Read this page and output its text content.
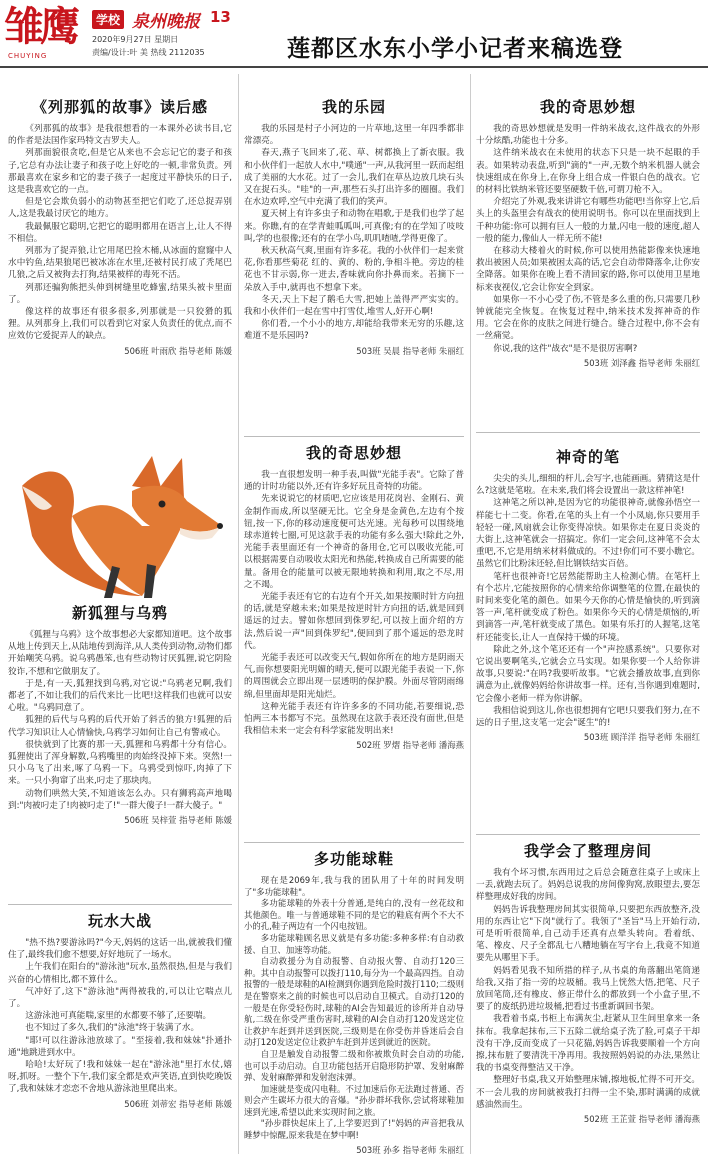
雏鹰
CHUYING
学校 泉州晚报 13
2020年9月27日 星期日
责编/设计:叶 美 热线 2112035	莲都区水东小学小记者来稿选登
《列那狐的故事》读后感

《列那狐的故事》是我很想看的一本课外必读书目,它的作者是法国作家玛特文吉罗夫人。

列那面貌很贪吃,但是它从来也不会忘记它的妻子和孩子,它总有办法让妻子和孩子吃上好吃的一顿,非常负责。列那最喜欢在家乡和它的妻子孩子一起度过平静快乐的日子,这是我喜欢它的一点。

但是它会欺负弱小的动物甚至把它们吃了,还总捉弄别人,这是我最讨厌它的地方。

我最佩服它聪明,它把它的聪明都用在语言上,让人不得不相信。

列那为了捉弄狼,让它用尾巴捡木桶,从冰面的窟窿中人水中钓鱼,结果狼尾巴被冰冻在水里,还被村民打成了秃尾巴几狼,之后又被狗去打狗,结果被样的毒死不活。

列那还骗狗熊把头伸到树缝里吃蜂蜜,结果头被卡里面了。

像这样的故事还有很多很多,列那就是一只狡猾的狐狸。从列那身上,我们可以看到它对家人负责任的优点,而不应效仿它爱捉弄人的缺点。

506班 叶雨欣 指导老师 陈媛
新狐狸与乌鸦

《狐狸与乌鸦》这个故事想必大家都知道吧。这个故事从地上传到天上,从陆地传到海洋,从人类传到动物,动物们都开始嘲笑乌鸦。说乌鸦愚笨,也有些动物讨厌狐狸,说它阴险狡诈,不想和它做朋友了。

于是,有一天,狐狸找到乌鸦,对它说:"乌鸦老兄啊,我们都老了,不如让我们的后代来比一比吧!这样我们也就可以安心啦。"乌鸦同意了。

狐狸的后代与乌鸦的后代开始了斜舌的狼方!狐狸的后代学习知识让人心情愉快,乌鸦学习如何让自己有警戒心。

很快就到了比赛的那一天,狐狸和乌鸦都十分有信心。狐狸使出了浑身解数,乌鸦嘴里的肉始终没掉下来。突然!一只小乌飞了出来,啄了乌鸦一下。乌鸦受到惊吓,肉掉了下来。一只小狗窜了出来,叼走了那块肉。

动物们哄然大笑,不知道该怎么办。只有狮鸦高声地喝到:"肉被叼走了!肉被叼走了!"一群大傻子!一群大傻子。"

506班 吴梓萱 指导老师 陈媛
玩水大战

"热不热?要游泳吗?"今天,妈妈的这话一出,就被我们懂住了,最终我们愈不想要,好好地玩了一场水。

上午我们在阳台的"游泳池"玩水,虽然很热,但是与我们兴奋的心情相比,都不算什么。

气冲好了,这下"游泳池"两得被我的,可以让它喘点儿了。

这游泳池可真能喘,家里的水都要不够了,还要喘。

也不知过了多久,我们的"泳池"终于装满了水。

"耶!可以往游泳池放球了。"至接着,我和妹妹"扑通扑通"地跳进到水中。

哈哈!太好玩了!我和妹妹一起在"游泳池"里打水仗,嬉呀,抓呀。一整个下午,我们家全都是欢声笑语,直到快吃晚饭了,我和妹妹才恋恋不舍地从游泳池里爬出来。

506班 刘蒂宏 指导老师 陈媛
我的乐园

我的乐园是村子小河边的一片草地,这里一年四季都非常漂亮。

春天,燕子飞回来了,花、草、树都换上了新衣服。我和小伙伴们一起放人水中,"噗通"一声,从我河里一跃而起组成了美丽的大水花。过了一会儿,我们在草丛边放几块石头又在捉石头。"哇"的一声,那些石头打出许多的圈圈。我们在水边欢呼,空气中充满了我们的笑声。

夏天树上有许多虫子和动物在唱歌,于是我们也学了起来。你瞧,有的在学青蛙呱呱叫,可真像;有的在学知了吱吱叫,学的也很像;还有的在学小鸟,叽叽喳喳,学得更像了。

秋天秋高气爽,里面有许多花。我的小伙伴们一起来赏花,你看那些菊花 红的、黄的、粉的,争相斗艳。旁边的桂花也不甘示弱,你一迸去,香味就向你扑鼻而来。若摘下一朵放入手中,就再也不想拿下来。

冬天,天上下起了鹅毛大雪,把她上盖得严严实实的。我和小伙伴们一起在雪中打雪仗,堆雪人,好开心啊!

你们看,一个小小的地方,却能给我带来无穷的乐趣,这难道不是乐园吗?

503班 吴晨 指导老师 朱丽红
我的奇思妙想

我一直很想发明一种手表,叫做"光能手表"。它除了普通的计时功能以外,还有许多好玩且奇特的功能。

先来说说它的材质吧,它应该是用花岗岩、金刚石、黄金制作而成,所以坚硬无比。它全身是金黄色,左边有个按钮,按一下,你的移动速度便可达光速。光每秒可以围绕地球赤道转七圈,可见这款手表的功能有多么强大!除此之外,光能手表里面还有一个神奇的备用仓,它可以吸收光能,可以根据需要自动吸收太阳光和热能,转换成自己所需要的能量。备用仓的能量可以被无限地转换和利用,取之不尽,用之不竭。

光能手表还有它的右边有个开关,如果按顺时针方向扭的话,就是穿越未来;如果是按逆时针方向扭的话,就是回到遥远的过去。譬如你想回到侏罗纪,可以按上面介绍的方法,然后说一声"回到侏罗纪",便回到了那个遥远的恐龙时代。

光能手表还可以改变天气,假如你所在的地方是阴雨天气,而你想要阳光明媚的晴天,便可以跟光能手表说一下,你的周围就会立即出现一层透明的保护膜。外面尽管阴雨绵绵,但里面却是阳光灿烂。

这种光能手表还有许许多多的不同功能,若要细说,恐怕两三本书都写不完。虽然现在这款手表还没有面世,但是我相信未来一定会有科学家能发明出来!

502班 罗熠 指导老师 潘海燕
多功能球鞋

现在是2069年,我与我的团队用了十年的时间发明了"多功能球鞋"。

多功能球鞋的外表十分普通,是纯白的,没有一丝花纹和其他颜色。唯一与普通球鞋不同的是它的鞋底有两个不大不小的孔,鞋子两边有一个闪电按钮。

多功能球鞋顾名思义就是有多功能:多种多样:有自动救援、自卫、加速等功能。

自动救援分为自动报警、自动报火警、自动打120三种。其中自动报警可以拨打110,每分为一个最高四挡。自动报警的一般是球鞋的AI检测到你遇到危险时拨打110;二级则是在警察来之前的时候也可以启动自卫模式。自动打120的一般是在你受轻伤时,球鞋的AI会告知最近的诊所并自动导航,二级在你受严重伤害时,球鞋的AI会自动打120发送定位让救护车赶到并送到医院,三级则是在你受伤并昏迷后会自动打120发送定位让救护车赶到并送到就近的医院。

自卫是触发自动报警二级和你被欺负时会自动的功能,也可以手动启动。自卫功能包括开启隐形防护罩、发射麻醉弹、发射麻醉弹和发射泡沫弹。

加速就是变成闪电鞋。不过加速后你无法跑过普通、否则会产生碳坏力很大的音爆。"孙步群坏我你,尝试将球鞋加速到光速,希望以此来实现时间之旅。

"孙步群快起床上了,上学要迟到了!"妈妈的声音把我从睡梦中惊醒,原来我是在梦中啊!

503班 孙多 指导老师 朱丽红
我的奇思妙想

我的奇思妙想就是发明一件纳米战衣,这件战衣的外形十分炫酷,功能也十分多。

这件纳米战衣在未使用的状态下只是一块不起眼的手表。如果转动表盘,听到"滴的"一声,无数个纳米机器人就会快速组成在你身上,在你身上组合成一件银白色的战衣。它的材料比铁纳米管还要坚硬数千倍,可谓刀枪不入。

介绍完了外观,我来讲讲它有哪些功能吧!当你穿上它,后头上的头盔里会有战衣的使用说明书。你可以在里面找到上千种功能:你可以拥有巨人一般的力量,闪电一般的速度,超人一般的能力,像仙人一样无所不能!

在移动大楼着火的时候,你可以使用热能影像来快速地救出被困人员;如果被困太高的话,它会自动带降落伞,让你安全降落。如果你在晚上看不清回家的路,你可以使用卫星地标来夜视仪,它会让你安全到家。

如果你一不小心受了伤,不管是多么重的伤,只需要几秒钟就能完全恢复。在恢复过程中,纳米技术发挥神奇的作用。它会在你的皮肤之间进行缝合。缝合过程中,你不会有一丝痛觉。

你说,我的这件"战衣"是不是很厉害啊?

503班 刘泽鑫 指导老师 朱丽红
神奇的笔

尖尖的头儿,细细的杆儿,会写字,也能画画。猜猜这是什么?这就是笔啦。在未来,我们将会设置出一款这样神笔!

这神笔之所以神,是因为它的功能很神奇,就像孙悟空一样能七十二变。你看,在笔的头上有一个小凤扇,你只要用手轻轻一碰,风扇就会让你变得凉快。如果你走在夏日炎炎的大街上,这神笔就会一招搞定。你们一定会问,这神笔不会太重吧,不,它是用纳米材料做成的。不过!你们可不要小瞧它。虽然它们比粉沫还轻,但比钢铁结实百倍。

笔杆也很神奇!它居然能帮助主人检测心情。在笔杆上有个芯片,它能按照你的心情来给你调整笔的位置,在最快的时间来变化笔的颜色。如果今天你的心情是愉快的,听到滴答一声,笔杆就变成了粉色。如果你今天的心情是烦恼的,听到滴答一声,笔杆就变成了黑色。如果有乐打的人握笔,这笔杆还能变长,让人一直保持干燥的环境。

除此之外,这个笔还还有一个"声控感系统"。只要你对它说出要啊笔头,它就会立马实现。如果你要一个人给你讲故事,只要说:"在吗?我要听故事。"它就会播放故事,直到你满意为止,就像妈妈给你讲故事一样。还有,当你遇到难题时,它会像小老师一样为你讲解。

我相信说到这儿,你也很想拥有它吧!只要我们努力,在不远的日子里,这支笔一定会"诞生"的!

503班 顾洋洋 指导老师 朱丽红
我学会了整理房间

我有个坏习惯,东西用过之后总会随意往桌子上或床上一丢,就跑去玩了。妈妈总说我的房间像狗窝,放眼望去,要怎样整理成好我的房间。

妈妈告诉我整理房间其实很简单,只要把东西放整齐,没用的东西让它"下岗"就行了。我领了"圣旨"马上开始行动,可是听听很简单,自己动手还真有点晕头转向。看着纸、笔、橡皮、尺子全都乱七八糟地躺在写字台上,我竟不知道要先从哪里下手。

妈妈看见我不知所措的样子,从书桌的角落翻出笔筒递给我,又指了指一旁的垃圾桶。我马上恍然大悟,把笔、尺子放回笔筒,还有橡皮、修正带什么的都放到一个小盒子里,不要了的废纸扔进垃圾桶,把看过书重新调回书架。

我看着书桌,书柜上布满灰尘,赶紧从卫生间里拿来一条抹布。我拿起抹布,三下五除二就给桌子洗了脸,可桌子干却没有干净,反而变成了一只花猫,妈妈告诉我要顺着一个方向擦,抹布脏了要清洗干净再用。我按照妈妈说的办法,果然让我的书桌变得整洁又干净。

整理好书桌,我又开始整理床铺,擦地板,忙得不可开交。不一会儿我的房间就被我打扫得一尘不染,那时满满的成就感油然而生。

502班 王芷萱 指导老师 潘海燕
